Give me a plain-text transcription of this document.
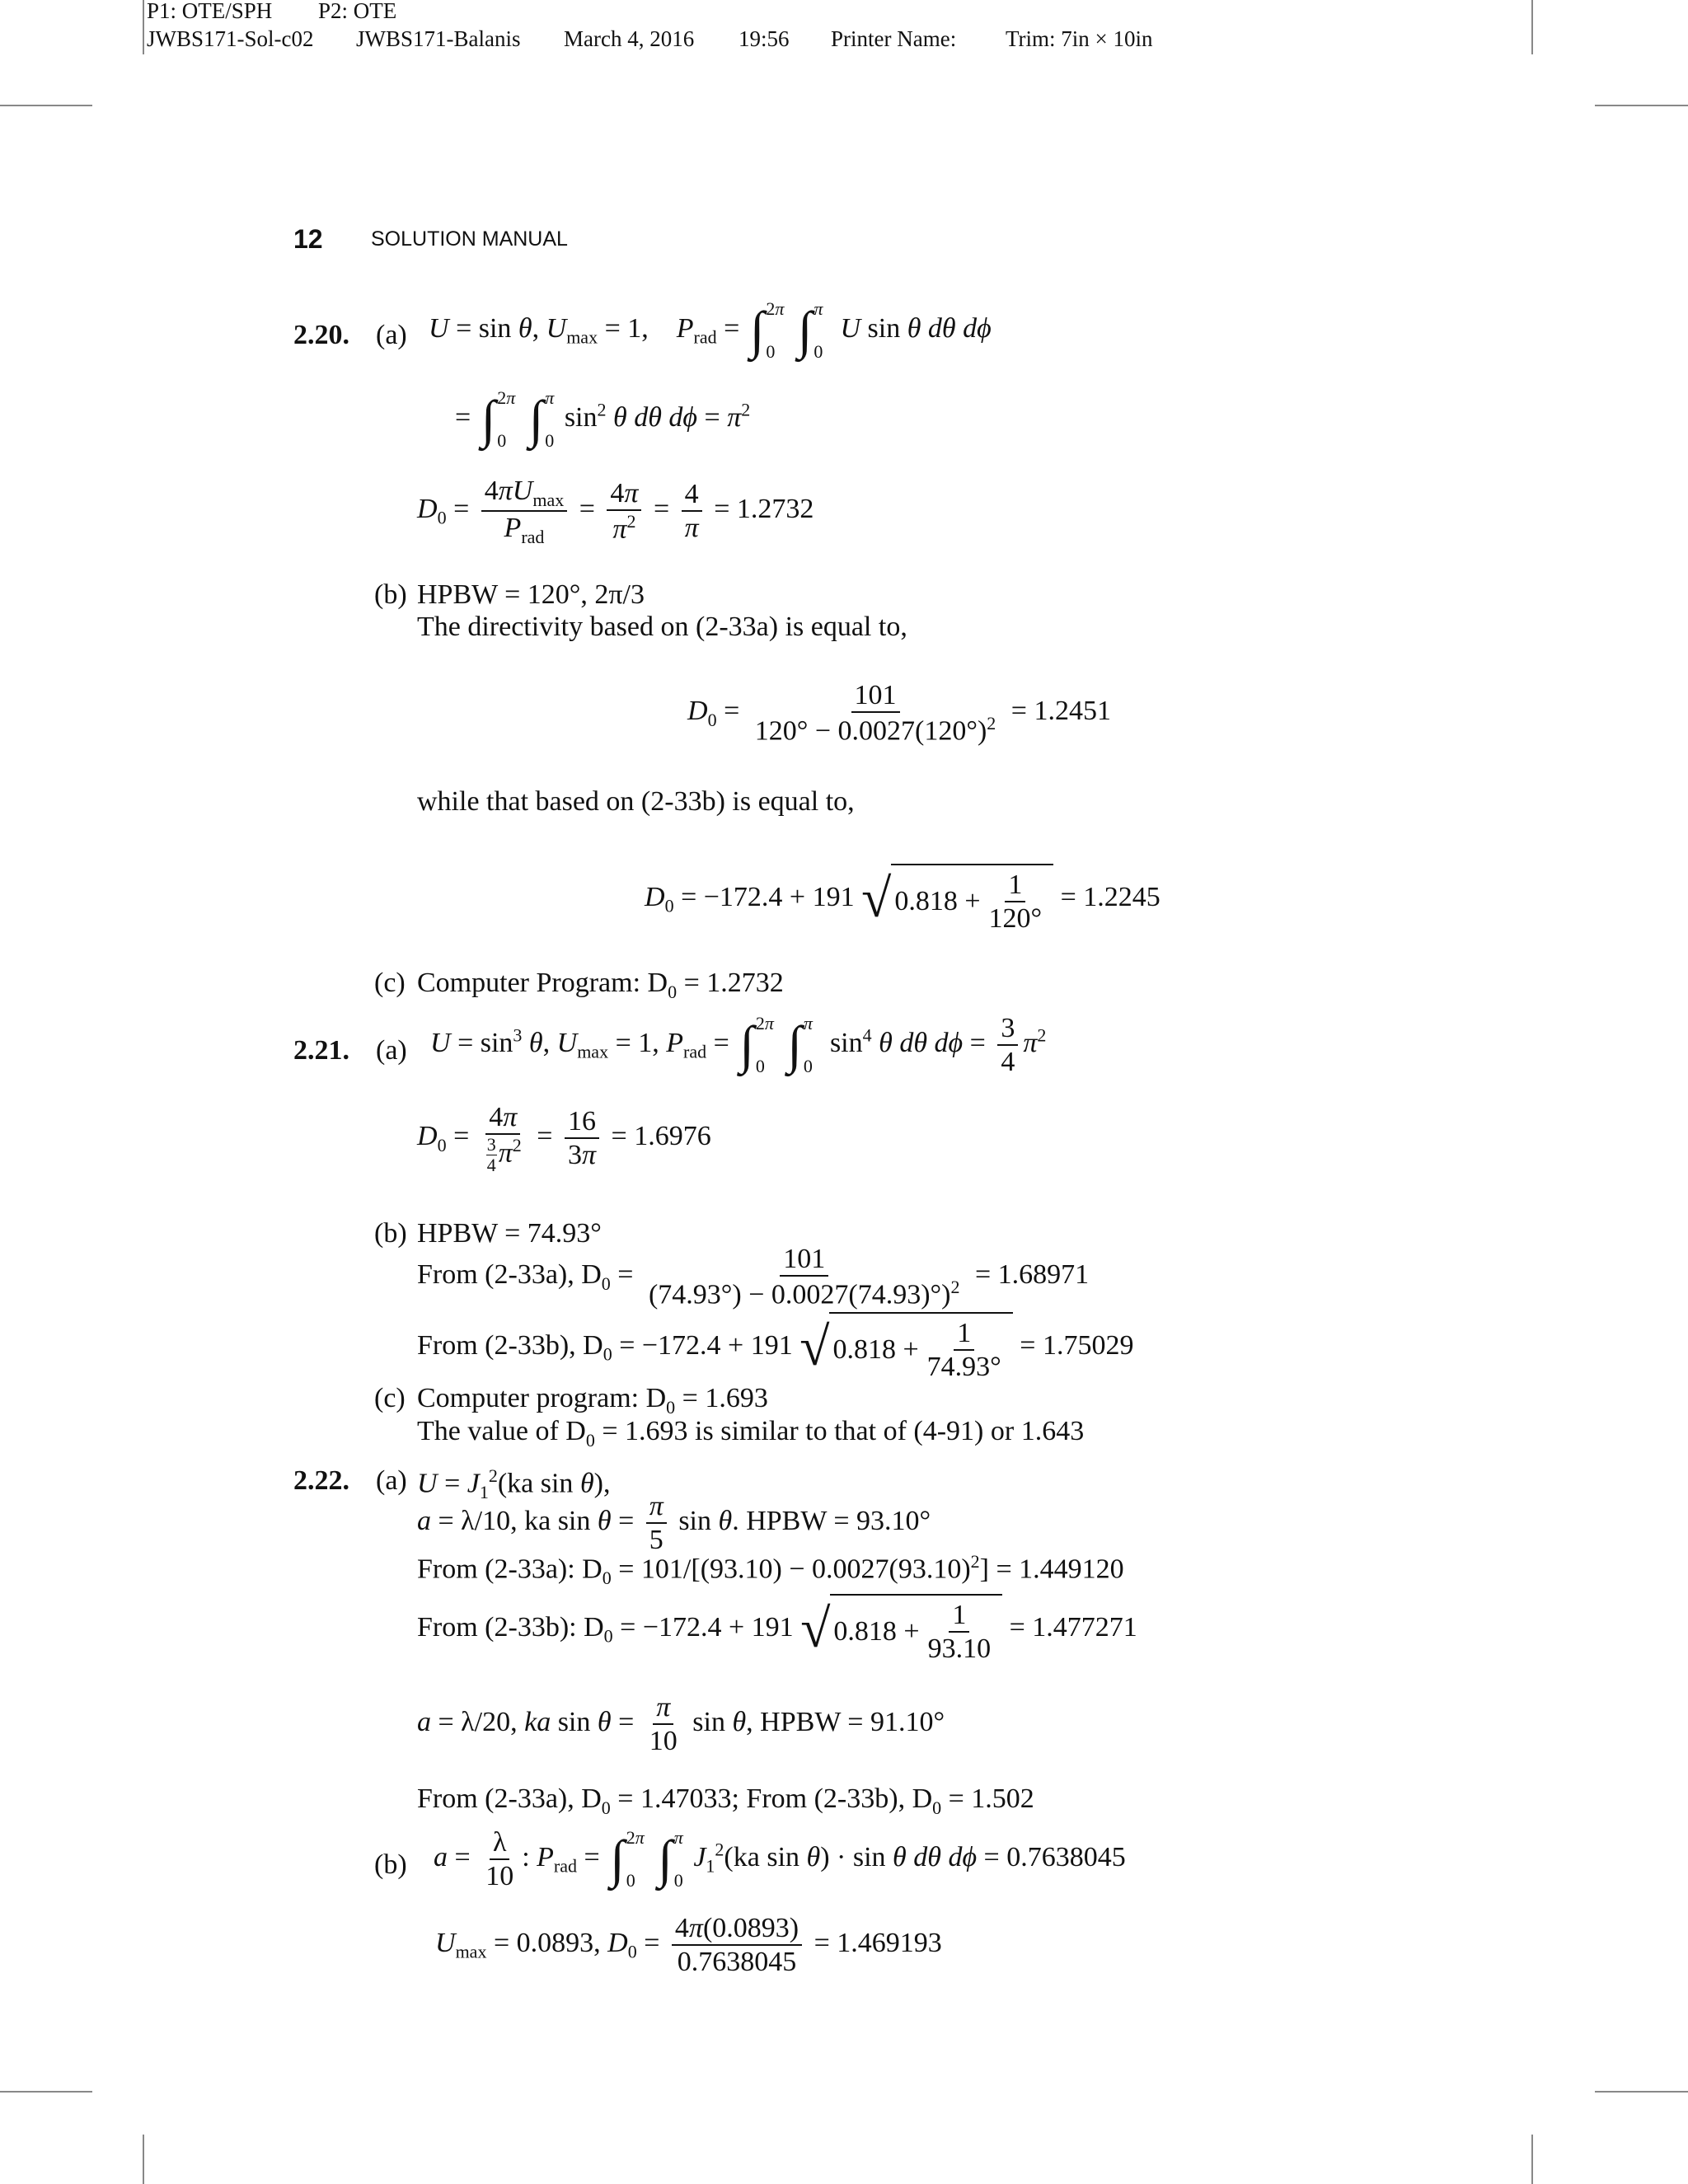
P1: OTE/SPH P2: OTE
JWBS171-Sol-c02 JWBS171-Balanis March 4, 2016 19:56 Printer Name: Trim: 7in × 10in
12 SOLUTION MANUAL
2.20. (a) U = sin θ, $U_{max} = 1$,    $P_{rad}$ = ∫ 2π
0
∫ π
0
U sin θ dθ dϕ
= ∫ 2π
0
∫ π
0
$\sin^2 \theta$ dθ $d\phi = \pi^2$
$D_0 = \frac{4\pi U_{max}}{P_{rad}} = \frac{4\pi}{\pi^2} = \frac{4}{\pi} = 1.2732$
(b) HPBW = 120°, 2π/3
The directivity based on (2-33a) is equal to,
$D_0 = \frac{101}{120^\circ - 0.0027(120^\circ)^2} = 1.2451$
while that based on (2-33b) is equal to,
$D_0 = -172.4 + 191$ √ $0.818 + \frac{1}{120^\circ} = 1.2245$
(c) Computer Program: $D_0 = 1.2732$
2.21. (a) $U = \sin^3 \theta$, $U_{max} = 1$, $P_{rad}$ = ∫ 2π
0
∫ π
0
$\sin^4 \theta$ dθ $d\phi = \frac{3}{4} \pi^2$
$D_0 = \frac{4\pi}{\frac{3}{4} \pi^2} = \frac{16}{3\pi} = 1.6976$
(b) HPBW = 74.93°
From (2-33a), $D_0 = \frac{101}{(74.93^\circ) - 0.0027(74.93)^\circ)^2} = 1.68971$
From (2-33b), $D_0 = -172.4 + 191$ √ $0.818 + \frac{1}{74.93^\circ} = 1.75029$
(c) Computer program: $D_0 = 1.693$
The value of $D_0 = 1.693$ is similar to that of (4-91) or 1.643
2.22. (a) $U = J_1^2(ka$ sin θ),
a = λ/10, ka $\sin \theta = \frac{\pi}{5}$ sin θ. HPBW = 93.10°
From (2-33a): $D_0 = 101/[(93.10) - 0.0027(93.10)^2] = 1.449120$
From (2-33b): $D_0 = -172.4 + 191$ √ $0.818 + \frac{1}{93.10} = 1.477271$
a = λ/20, ka $\sin \theta = \frac{\pi}{10}$ sin θ, HPBW = 91.10°
From (2-33a), $D_0 = 1.47033$; From (2-33b), $D_0 = 1.502$
(b) $a = \frac{\lambda}{10}$ : $P_{rad}$ = ∫ 2π
0
∫ π
0
$J_1^2(ka$ sin θ) · sin θ dθ dϕ = 0.7638045
$U_{max} = 0.0893$, $D_0 = \frac{4\pi(0.0893)}{0.7638045} = 1.469193$
